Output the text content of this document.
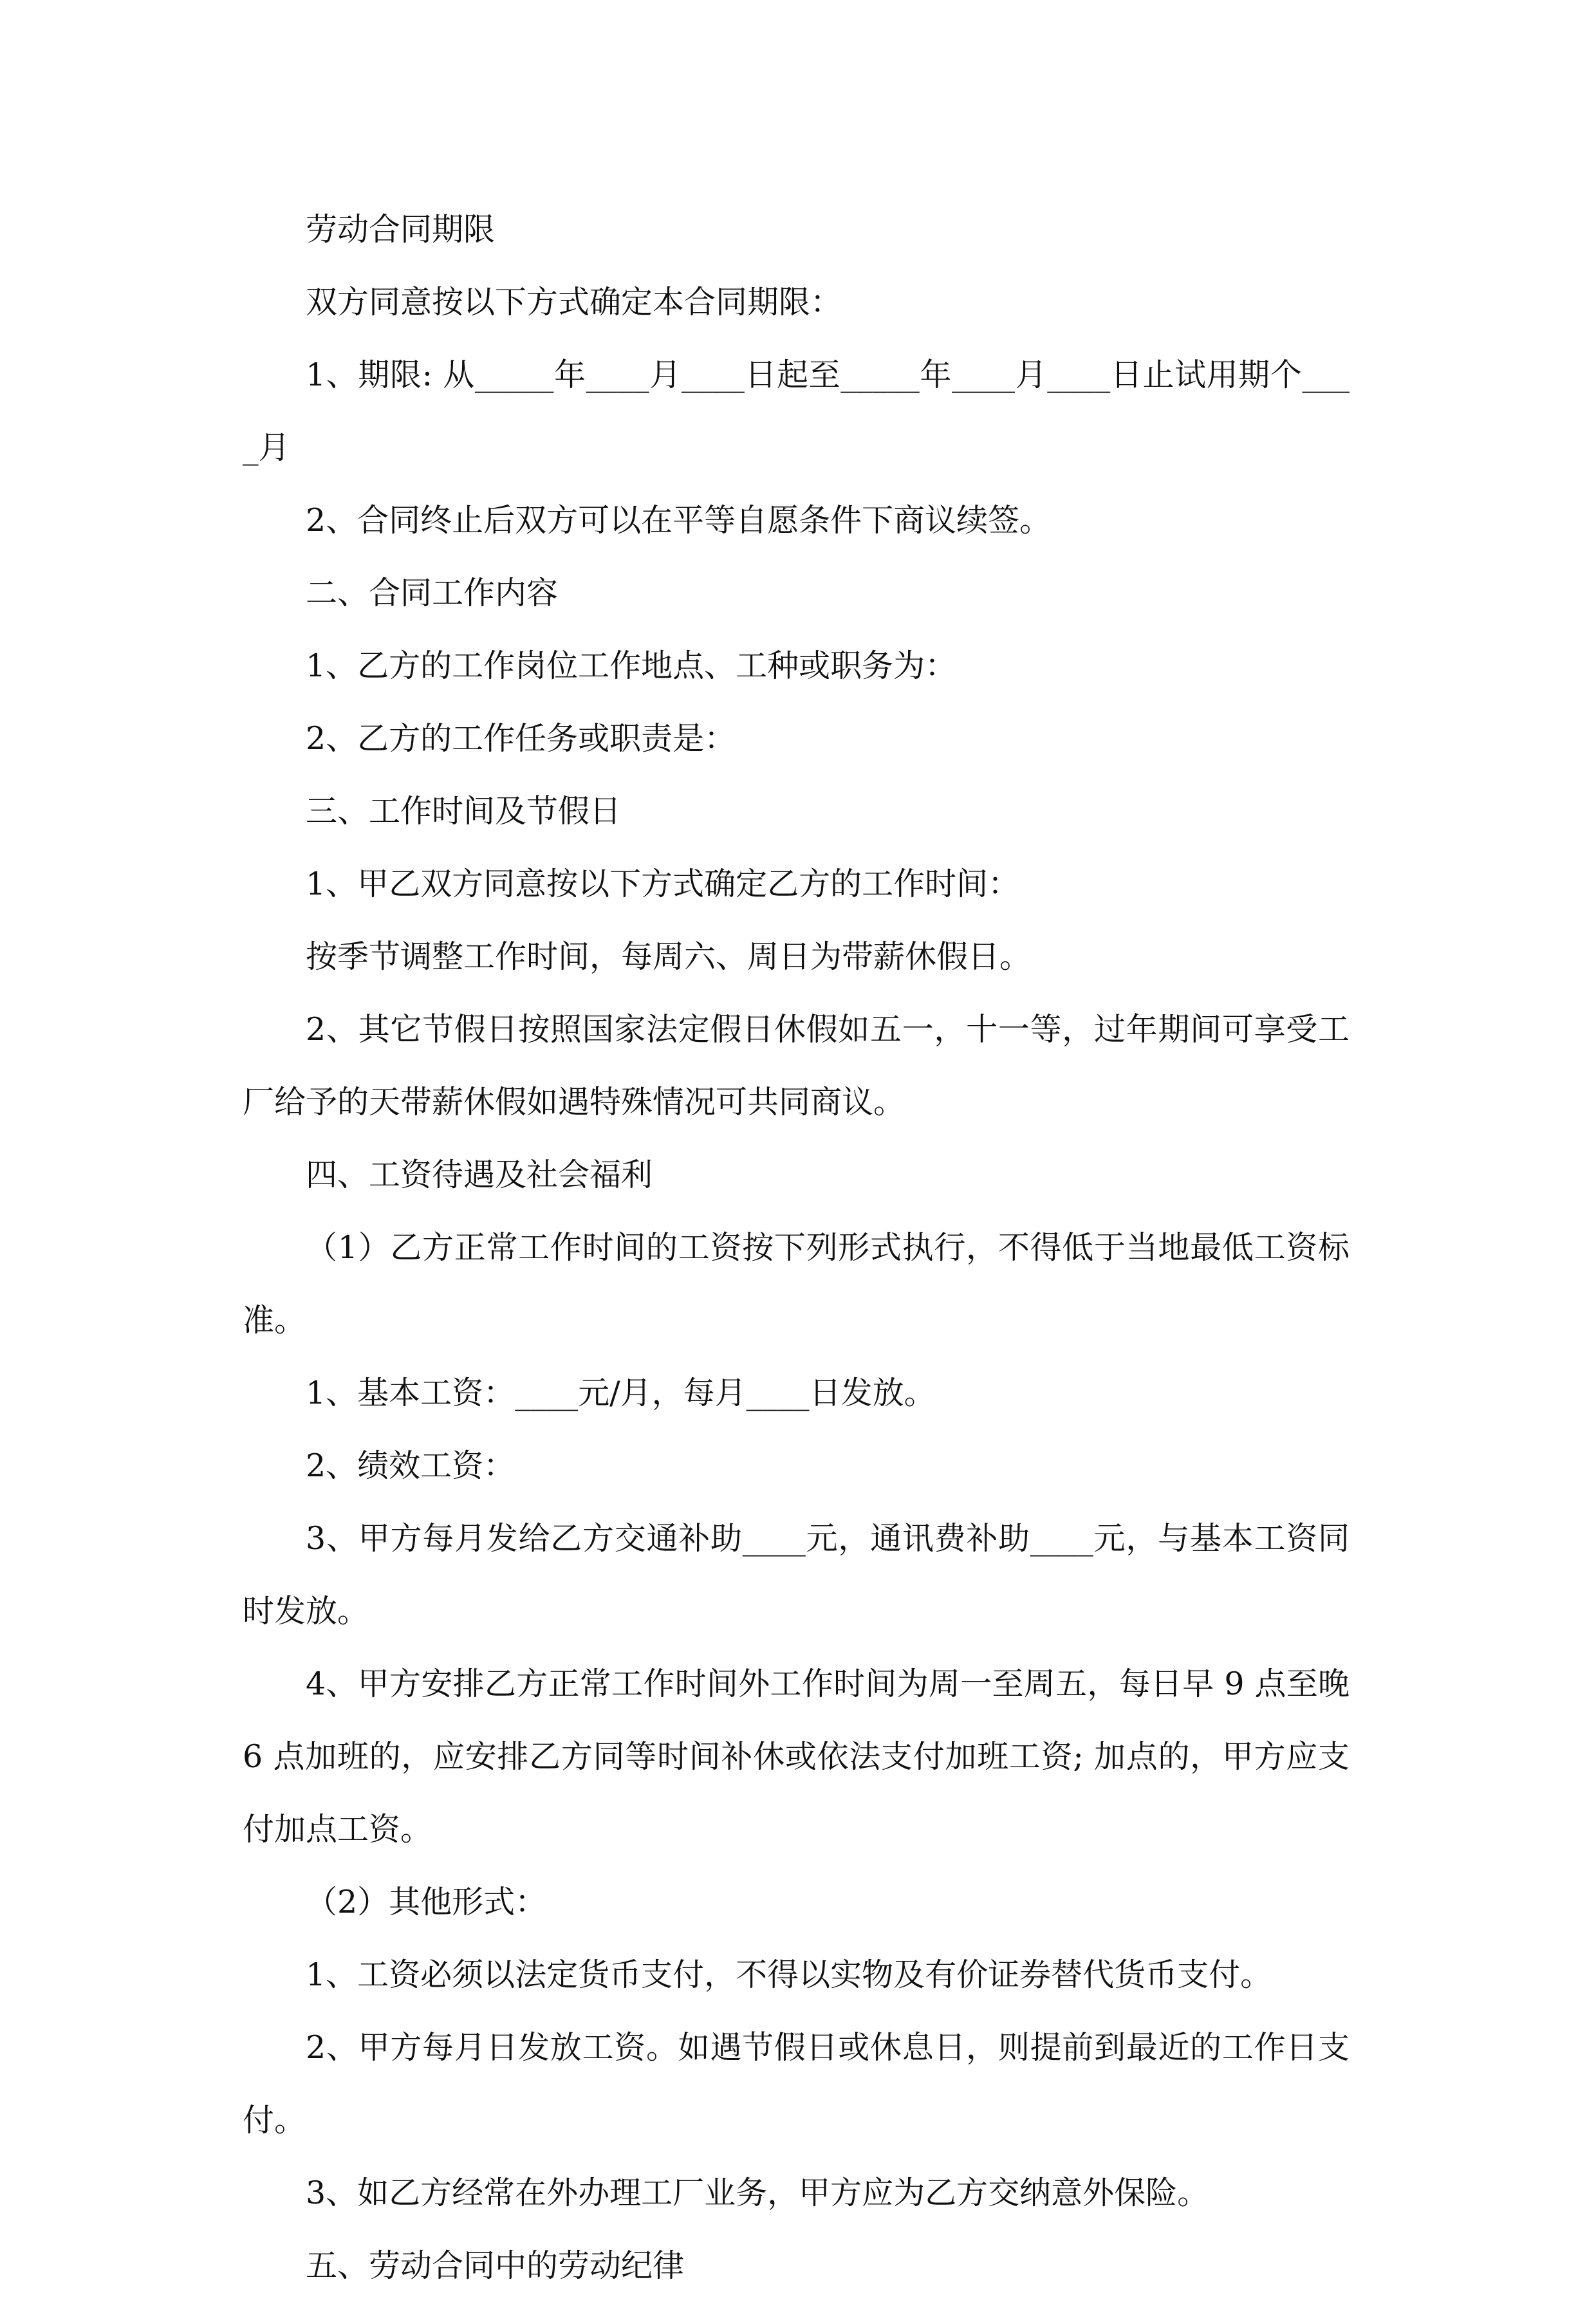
劳动合同期限

双方同意按以下方式确定本合同期限：

1、期限: 从_____年____月____日起至_____年____月____日止试用期个____月

2、合同终止后双方可以在平等自愿条件下商议续签。

二、合同工作内容

1、乙方的工作岗位工作地点、工种或职务为：

2、乙方的工作任务或职责是：

三、工作时间及节假日

1、甲乙双方同意按以下方式确定乙方的工作时间：

按季节调整工作时间，每周六、周日为带薪休假日。

2、其它节假日按照国家法定假日休假如五一，十一等，过年期间可享受工厂给予的天带薪休假如遇特殊情况可共同商议。

四、工资待遇及社会福利

（1）乙方正常工作时间的工资按下列形式执行，不得低于当地最低工资标准。

1、基本工资：____元/月，每月____日发放。

2、绩效工资：

3、甲方每月发给乙方交通补助____元，通讯费补助____元，与基本工资同时发放。

4、甲方安排乙方正常工作时间外工作时间为周一至周五，每日早 9 点至晚 6 点加班的，应安排乙方同等时间补休或依法支付加班工资; 加点的，甲方应支付加点工资。

（2）其他形式：

1、工资必须以法定货币支付，不得以实物及有价证券替代货币支付。

2、甲方每月日发放工资。如遇节假日或休息日，则提前到最近的工作日支付。

3、如乙方经常在外办理工厂业务，甲方应为乙方交纳意外保险。

五、劳动合同中的劳动纪律
